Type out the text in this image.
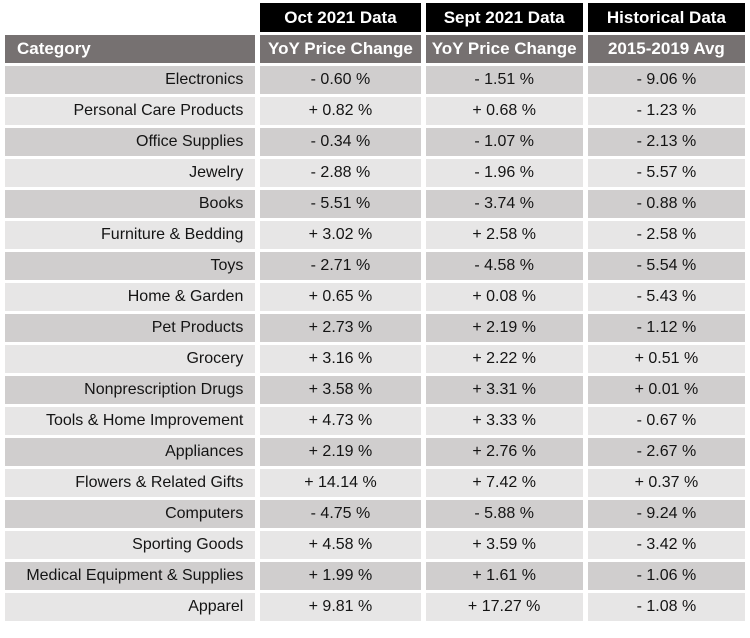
	Oct 2021 Data	Sept 2021 Data	Historical Data
Category	YoY Price Change	YoY Price Change	2015-2019 Avg
Electronics	- 0.60 %	- 1.51 %	- 9.06 %
Personal Care Products	+ 0.82 %	+ 0.68 %	- 1.23 %
Office Supplies	- 0.34 %	- 1.07 %	- 2.13 %
Jewelry	- 2.88 %	- 1.96 %	- 5.57 %
Books	- 5.51 %	- 3.74 %	- 0.88 %
Furniture & Bedding	+ 3.02 %	+ 2.58 %	- 2.58 %
Toys	- 2.71 %	- 4.58 %	- 5.54 %
Home & Garden	+ 0.65 %	+ 0.08 %	- 5.43 %
Pet Products	+ 2.73 %	+ 2.19 %	- 1.12 %
Grocery	+ 3.16 %	+ 2.22 %	+ 0.51 %
Nonprescription Drugs	+ 3.58 %	+ 3.31 %	+ 0.01 %
Tools & Home Improvement	+ 4.73 %	+ 3.33 %	- 0.67 %
Appliances	+ 2.19 %	+ 2.76 %	- 2.67 %
Flowers & Related Gifts	+ 14.14 %	+ 7.42 %	+ 0.37 %
Computers	- 4.75 %	- 5.88 %	- 9.24 %
Sporting Goods	+ 4.58 %	+ 3.59 %	- 3.42 %
Medical Equipment & Supplies	+ 1.99 %	+ 1.61 %	- 1.06 %
Apparel	+ 9.81 %	+ 17.27 %	- 1.08 %
